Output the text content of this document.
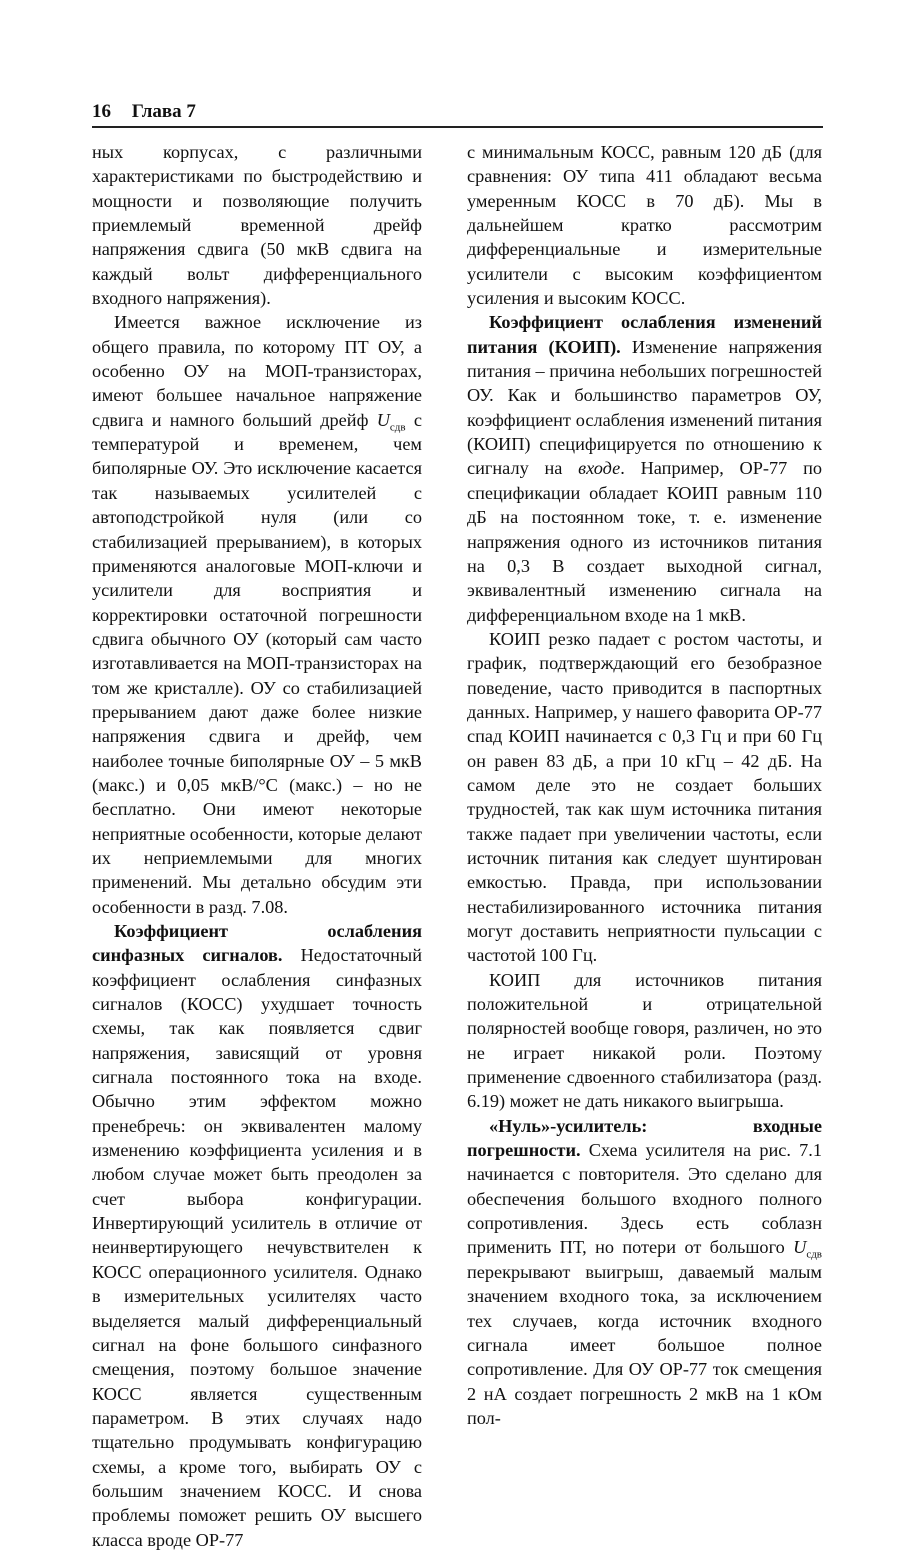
16 Глава 7

ных корпусах, с различными характеристиками по быстродействию и мощности и позволяющие получить приемлемый временной дрейф напряжения сдвига (50 мкВ сдвига на каждый вольт дифференциального входного напряжения).

Имеется важное исключение из общего правила, по которому ПТ ОУ, а особенно ОУ на МОП-транзисторах, имеют большее начальное напряжение сдвига и намного больший дрейф $U_{сдв}$ с температурой и временем, чем биполярные ОУ. Это исключение касается так называемых усилителей с автоподстройкой нуля (или со стабилизацией прерыванием), в которых применяются аналоговые МОП-ключи и усилители для восприятия и корректировки остаточной погрешности сдвига обычного ОУ (который сам часто изготавливается на МОП-транзисторах на том же кристалле). ОУ со стабилизацией прерыванием дают даже более низкие напряжения сдвига и дрейф, чем наиболее точные биполярные ОУ – 5 мкВ (макс.) и 0,05 мкВ/°C (макс.) – но не бесплатно. Они имеют некоторые неприятные особенности, которые делают их неприемлемыми для многих применений. Мы детально обсудим эти особенности в разд. 7.08.

Коэффициент ослабления синфазных сигналов. Недостаточный коэффициент ослабления синфазных сигналов (КОСС) ухудшает точность схемы, так как появляется сдвиг напряжения, зависящий от уровня сигнала постоянного тока на входе. Обычно этим эффектом можно пренебречь: он эквивалентен малому изменению коэффициента усиления и в любом случае может быть преодолен за счет выбора конфигурации. Инвертирующий усилитель в отличие от неинвертирующего нечувствителен к КОСС операционного усилителя. Однако в измерительных усилителях часто выделяется малый дифференциальный сигнал на фоне большого синфазного смещения, поэтому большое значение КОСС является существенным параметром. В этих случаях надо тщательно продумывать конфигурацию схемы, а кроме того, выбирать ОУ с большим значением КОСС. И снова проблемы поможет решить ОУ высшего класса вроде ОР-77

с минимальным КОСС, равным 120 дБ (для сравнения: ОУ типа 411 обладают весьма умеренным КОСС в 70 дБ). Мы в дальнейшем кратко рассмотрим дифференциальные и измерительные усилители с высоким коэффициентом усиления и высоким КОСС.

Коэффициент ослабления изменений питания (КОИП). Изменение напряжения питания – причина небольших погрешностей ОУ. Как и большинство параметров ОУ, коэффициент ослабления изменений питания (КОИП) специфицируется по отношению к сигналу на входе. Например, ОР-77 по спецификации обладает КОИП равным 110 дБ на постоянном токе, т. е. изменение напряжения одного из источников питания на 0,3 В создает выходной сигнал, эквивалентный изменению сигнала на дифференциальном входе на 1 мкВ.

КОИП резко падает с ростом частоты, и график, подтверждающий его безобразное поведение, часто приводится в паспортных данных. Например, у нашего фаворита ОР-77 спад КОИП начинается с 0,3 Гц и при 60 Гц он равен 83 дБ, а при 10 кГц – 42 дБ. На самом деле это не создает больших трудностей, так как шум источника питания также падает при увеличении частоты, если источник питания как следует шунтирован емкостью. Правда, при использовании нестабилизированного источника питания могут доставить неприятности пульсации с частотой 100 Гц.

КОИП для источников питания положительной и отрицательной полярностей вообще говоря, различен, но это не играет никакой роли. Поэтому применение сдвоенного стабилизатора (разд. 6.19) может не дать никакого выигрыша.

«Нуль»-усилитель: входные погрешности. Схема усилителя на рис. 7.1 начинается с повторителя. Это сделано для обеспечения большого входного полного сопротивления. Здесь есть соблазн применить ПТ, но потери от большого $U_{сдв}$ перекрывают выигрыш, даваемый малым значением входного тока, за исключением тех случаев, когда источник входного сигнала имеет большое полное сопротивление. Для ОУ ОР-77 ток смещения 2 нА создает погрешность 2 мкВ на 1 кОм пол-
